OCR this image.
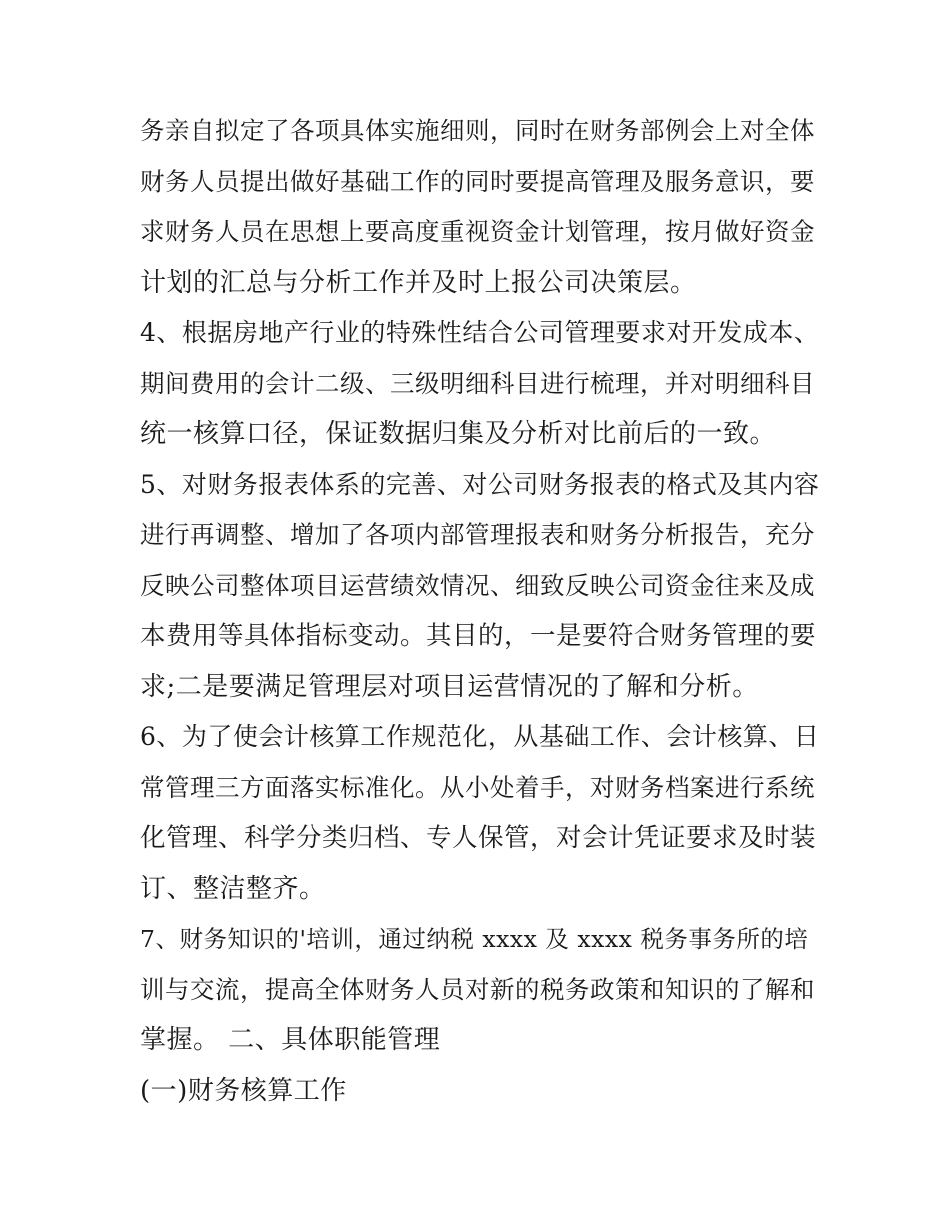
务亲自拟定了各项具体实施细则，同时在财务部例会上对全体
财务人员提出做好基础工作的同时要提高管理及服务意识，要
求财务人员在思想上要高度重视资金计划管理，按月做好资金
计划的汇总与分析工作并及时上报公司决策层。
4、根据房地产行业的特殊性结合公司管理要求对开发成本、
期间费用的会计二级、三级明细科目进行梳理，并对明细科目
统一核算口径，保证数据归集及分析对比前后的一致。
5、对财务报表体系的完善、对公司财务报表的格式及其内容
进行再调整、增加了各项内部管理报表和财务分析报告，充分
反映公司整体项目运营绩效情况、细致反映公司资金往来及成
本费用等具体指标变动。其目的，一是要符合财务管理的要
求;二是要满足管理层对项目运营情况的了解和分析。
6、为了使会计核算工作规范化，从基础工作、会计核算、日
常管理三方面落实标准化。从小处着手，对财务档案进行系统
化管理、科学分类归档、专人保管，对会计凭证要求及时装
订、整洁整齐。
7、财务知识的'培训，通过纳税 xxxx 及 xxxx 税务事务所的培
训与交流，提高全体财务人员对新的税务政策和知识的了解和
掌握。 二、具体职能管理
(一)财务核算工作
